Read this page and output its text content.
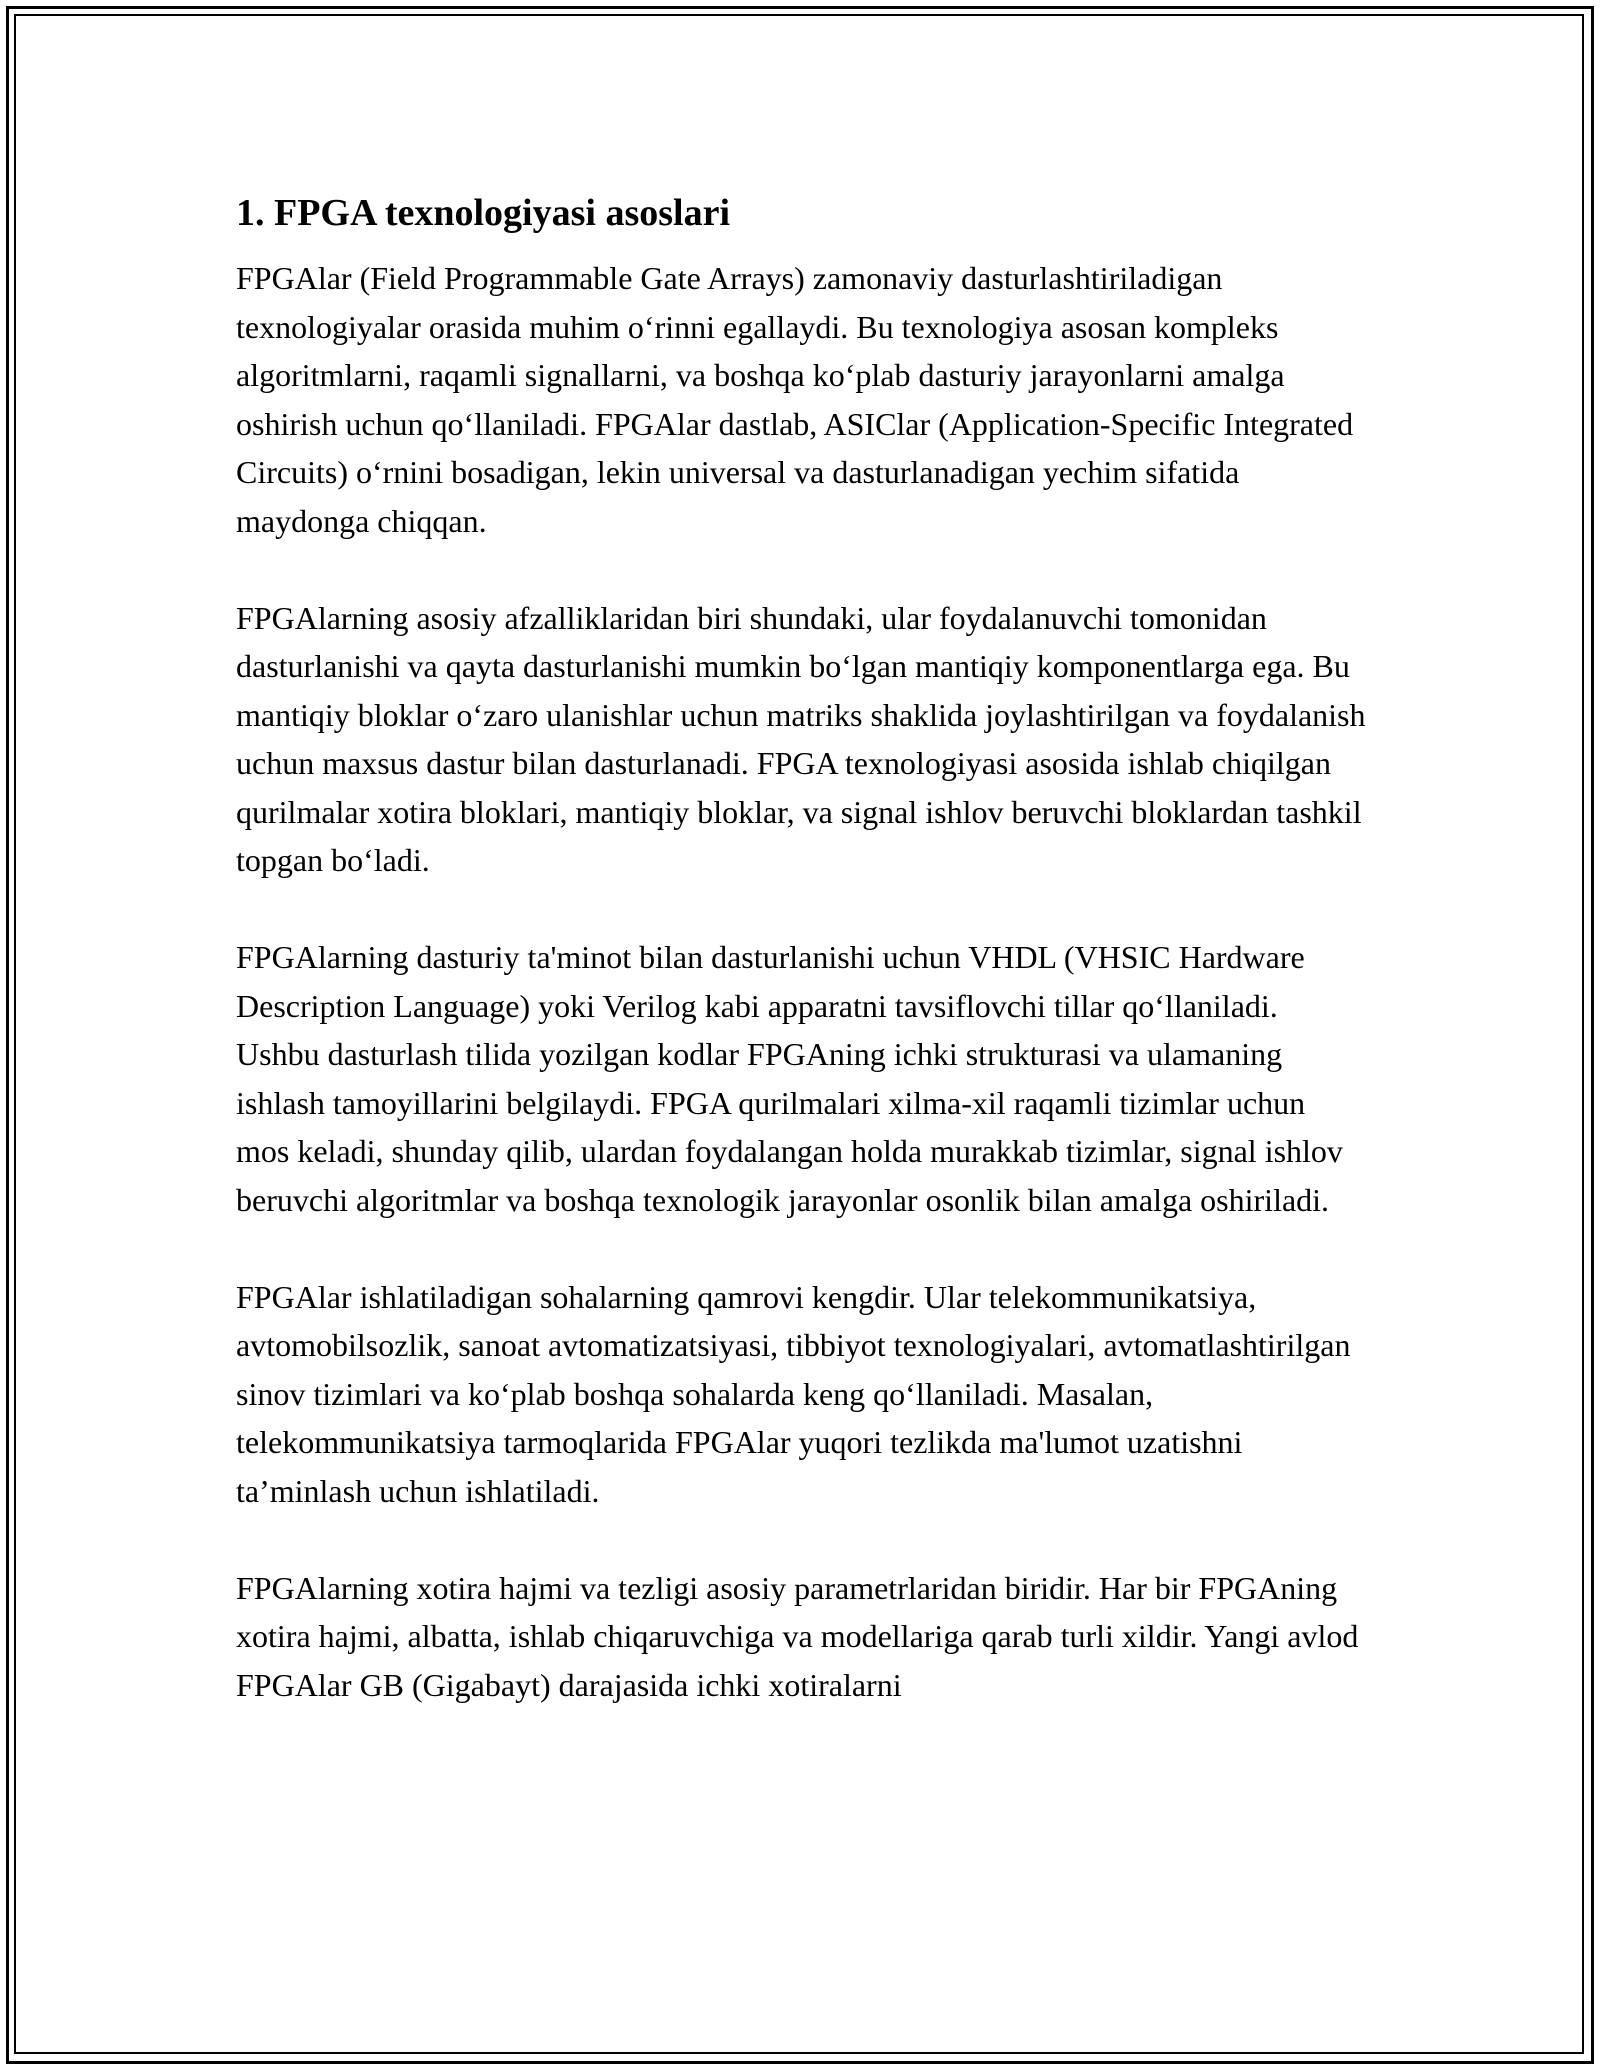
1. FPGA texnologiyasi asoslari

FPGAlar (Field Programmable Gate Arrays) zamonaviy dasturlashtiriladigan texnologiyalar orasida muhim o‘rinni egallaydi. Bu texnologiya asosan kompleks algoritmlarni, raqamli signallarni, va boshqa ko‘plab dasturiy jarayonlarni amalga oshirish uchun qo‘llaniladi. FPGAlar dastlab, ASIClar (Application-Specific Integrated Circuits) o‘rnini bosadigan, lekin universal va dasturlanadigan yechim sifatida maydonga chiqqan.

FPGAlarning asosiy afzalliklaridan biri shundaki, ular foydalanuvchi tomonidan dasturlanishi va qayta dasturlanishi mumkin bo‘lgan mantiqiy komponentlarga ega. Bu mantiqiy bloklar o‘zaro ulanishlar uchun matriks shaklida joylashtirilgan va foydalanish uchun maxsus dastur bilan dasturlanadi. FPGA texnologiyasi asosida ishlab chiqilgan qurilmalar xotira bloklari, mantiqiy bloklar, va signal ishlov beruvchi bloklardan tashkil topgan bo‘ladi.

FPGAlarning dasturiy ta'minot bilan dasturlanishi uchun VHDL (VHSIC Hardware Description Language) yoki Verilog kabi apparatni tavsiflovchi tillar qo‘llaniladi. Ushbu dasturlash tilida yozilgan kodlar FPGAning ichki strukturasi va ulamaning ishlash tamoyillarini belgilaydi. FPGA qurilmalari xilma-xil raqamli tizimlar uchun mos keladi, shunday qilib, ulardan foydalangan holda murakkab tizimlar, signal ishlov beruvchi algoritmlar va boshqa texnologik jarayonlar osonlik bilan amalga oshiriladi.

FPGAlar ishlatiladigan sohalarning qamrovi kengdir. Ular telekommunikatsiya, avtomobilsozlik, sanoat avtomatizatsiyasi, tibbiyot texnologiyalari, avtomatlashtirilgan sinov tizimlari va ko‘plab boshqa sohalarda keng qo‘llaniladi. Masalan, telekommunikatsiya tarmoqlarida FPGAlar yuqori tezlikda ma'lumot uzatishni ta’minlash uchun ishlatiladi.

FPGAlarning xotira hajmi va tezligi asosiy parametrlaridan biridir. Har bir FPGAning xotira hajmi, albatta, ishlab chiqaruvchiga va modellariga qarab turli xildir. Yangi avlod FPGAlar GB (Gigabayt) darajasida ichki xotiralarni
